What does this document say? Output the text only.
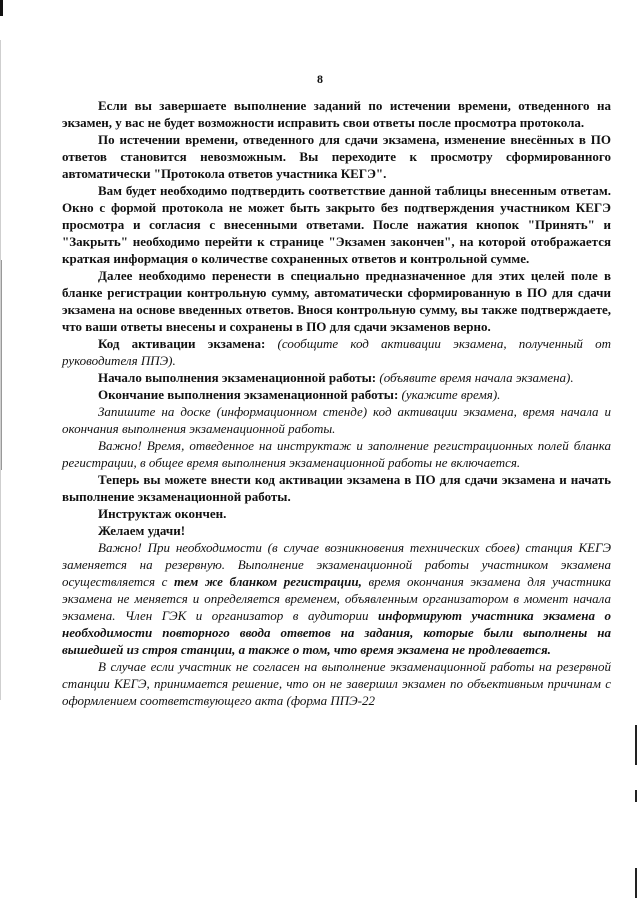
8

Если вы завершаете выполнение заданий по истечении времени, отведенного на экзамен, у вас не будет возможности исправить свои ответы после просмотра протокола.

По истечении времени, отведенного для сдачи экзамена, изменение внесённых в ПО ответов становится невозможным. Вы переходите к просмотру сформированного автоматически "Протокола ответов участника КЕГЭ".

Вам будет необходимо подтвердить соответствие данной таблицы внесенным ответам. Окно с формой протокола не может быть закрыто без подтверждения участником КЕГЭ просмотра и согласия с внесенными ответами. После нажатия кнопок "Принять" и "Закрыть" необходимо перейти к странице "Экзамен закончен", на которой отображается краткая информация о количестве сохраненных ответов и контрольной сумме.

Далее необходимо перенести в специально предназначенное для этих целей поле в бланке регистрации контрольную сумму, автоматически сформированную в ПО для сдачи экзамена на основе введенных ответов. Внося контрольную сумму, вы также подтверждаете, что ваши ответы внесены и сохранены в ПО для сдачи экзаменов верно.

Код активации экзамена: (сообщите код активации экзамена, полученный от руководителя ППЭ).

Начало выполнения экзаменационной работы: (объявите время начала экзамена).

Окончание выполнения экзаменационной работы: (укажите время).

Запишите на доске (информационном стенде) код активации экзамена, время начала и окончания выполнения экзаменационной работы.

Важно! Время, отведенное на инструктаж и заполнение регистрационных полей бланка регистрации, в общее время выполнения экзаменационной работы не включается.

Теперь вы можете внести код активации экзамена в ПО для сдачи экзамена и начать выполнение экзаменационной работы.

Инструктаж окончен.

Желаем удачи!

Важно! При необходимости (в случае возникновения технических сбоев) станция КЕГЭ заменяется на резервную. Выполнение экзаменационной работы участником экзамена осуществляется с тем же бланком регистрации, время окончания экзамена для участника экзамена не меняется и определяется временем, объявленным организатором в момент начала экзамена. Член ГЭК и организатор в аудитории информируют участника экзамена о необходимости повторного ввода ответов на задания, которые были выполнены на вышедшей из строя станции, а также о том, что время экзамена не продлевается.

В случае если участник не согласен на выполнение экзаменационной работы на резервной станции КЕГЭ, принимается решение, что он не завершил экзамен по объективным причинам с оформлением соответствующего акта (форма ППЭ-22
